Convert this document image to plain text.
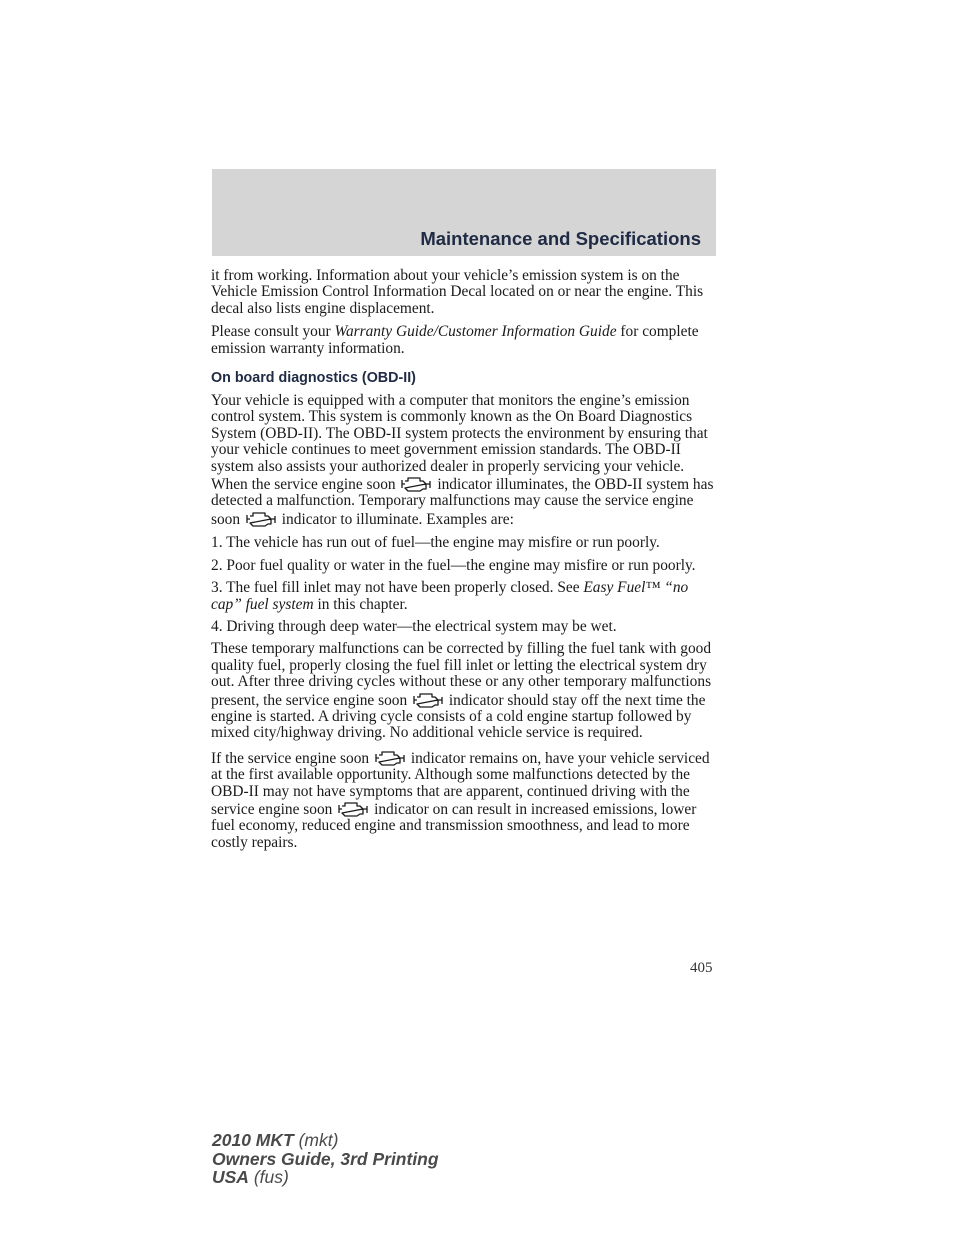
Maintenance and Specifications

it from working. Information about your vehicle’s emission system is on the Vehicle Emission Control Information Decal located on or near the engine. This decal also lists engine displacement.

Please consult your Warranty Guide/Customer Information Guide for complete emission warranty information.

On board diagnostics (OBD-II)

Your vehicle is equipped with a computer that monitors the engine’s emission control system. This system is commonly known as the On Board Diagnostics System (OBD-II). The OBD-II system protects the environment by ensuring that your vehicle continues to meet government emission standards. The OBD-II system also assists your authorized dealer in properly servicing your vehicle. When the service engine soon
indicator illuminates, the OBD-II system has detected a malfunction. Temporary malfunctions may cause the service engine soon
indicator to illuminate. Examples are:

1. The vehicle has run out of fuel—the engine may misfire or run poorly.

2. Poor fuel quality or water in the fuel—the engine may misfire or run poorly.

3. The fuel fill inlet may not have been properly closed. See Easy Fuel™ “no cap” fuel system in this chapter.

4. Driving through deep water—the electrical system may be wet.

These temporary malfunctions can be corrected by filling the fuel tank with good quality fuel, properly closing the fuel fill inlet or letting the electrical system dry out. After three driving cycles without these or any other temporary malfunctions present, the service engine soon
indicator should stay off the next time the engine is started. A driving cycle consists of a cold engine startup followed by mixed city/highway driving. No additional vehicle service is required.

If the service engine soon
indicator remains on, have your vehicle serviced at the first available opportunity. Although some malfunctions detected by the OBD-II may not have symptoms that are apparent, continued driving with the service engine soon
indicator on can result in increased emissions, lower fuel economy, reduced engine and transmission smoothness, and lead to more costly repairs.

405
2010 MKT (mkt)
Owners Guide, 3rd Printing
USA (fus)
